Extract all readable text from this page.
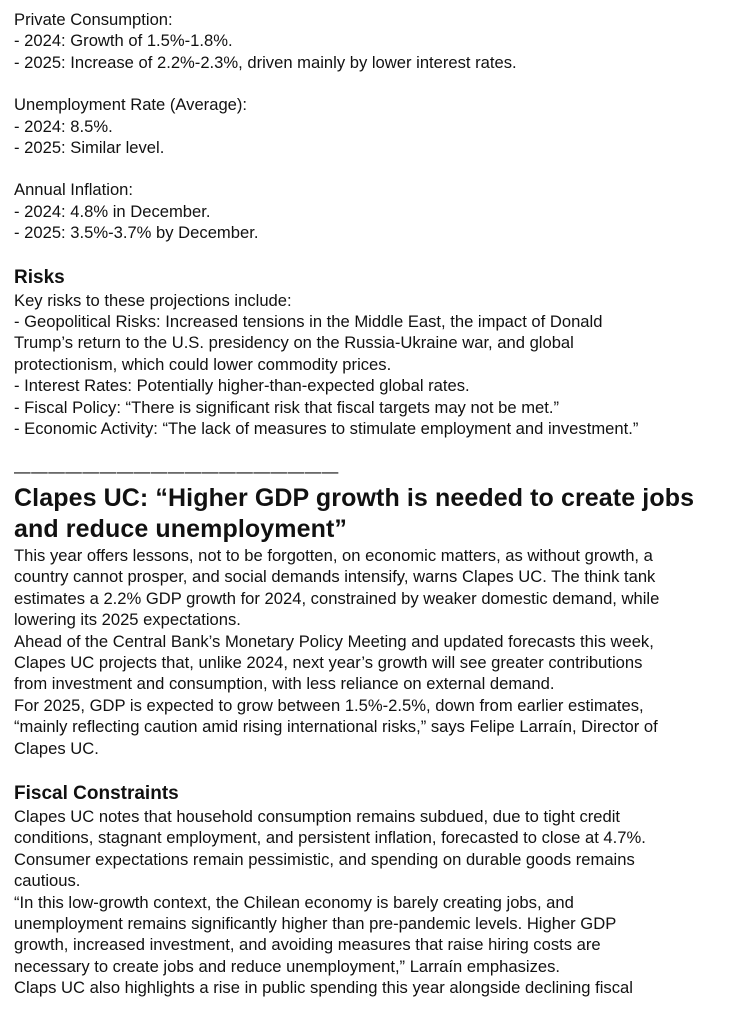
Private Consumption:
- 2024: Growth of 1.5%-1.8%.
- 2025: Increase of 2.2%-2.3%, driven mainly by lower interest rates.
Unemployment Rate (Average):
- 2024: 8.5%.
- 2025: Similar level.
Annual Inflation:
- 2024: 4.8% in December.
- 2025: 3.5%-3.7% by December.
Risks
Key risks to these projections include:
- Geopolitical Risks: Increased tensions in the Middle East, the impact of Donald
Trump’s return to the U.S. presidency on the Russia-Ukraine war, and global
protectionism, which could lower commodity prices.
- Interest Rates: Potentially higher-than-expected global rates.
- Fiscal Policy: “There is significant risk that fiscal targets may not be met.”
- Economic Activity: “The lack of measures to stimulate employment and investment.”
———————————————————
Clapes UC: “Higher GDP growth is needed to create jobs
and reduce unemployment”
This year offers lessons, not to be forgotten, on economic matters, as without growth, a
country cannot prosper, and social demands intensify, warns Clapes UC. The think tank
estimates a 2.2% GDP growth for 2024, constrained by weaker domestic demand, while
lowering its 2025 expectations.
Ahead of the Central Bank’s Monetary Policy Meeting and updated forecasts this week,
Clapes UC projects that, unlike 2024, next year’s growth will see greater contributions
from investment and consumption, with less reliance on external demand.
For 2025, GDP is expected to grow between 1.5%-2.5%, down from earlier estimates,
“mainly reflecting caution amid rising international risks,” says Felipe Larraín, Director of
Clapes UC.
Fiscal Constraints
Clapes UC notes that household consumption remains subdued, due to tight credit
conditions, stagnant employment, and persistent inflation, forecasted to close at 4.7%.
Consumer expectations remain pessimistic, and spending on durable goods remains
cautious.
“In this low-growth context, the Chilean economy is barely creating jobs, and
unemployment remains significantly higher than pre-pandemic levels. Higher GDP
growth, increased investment, and avoiding measures that raise hiring costs are
necessary to create jobs and reduce unemployment,” Larraín emphasizes.
Claps UC also highlights a rise in public spending this year alongside declining fiscal
